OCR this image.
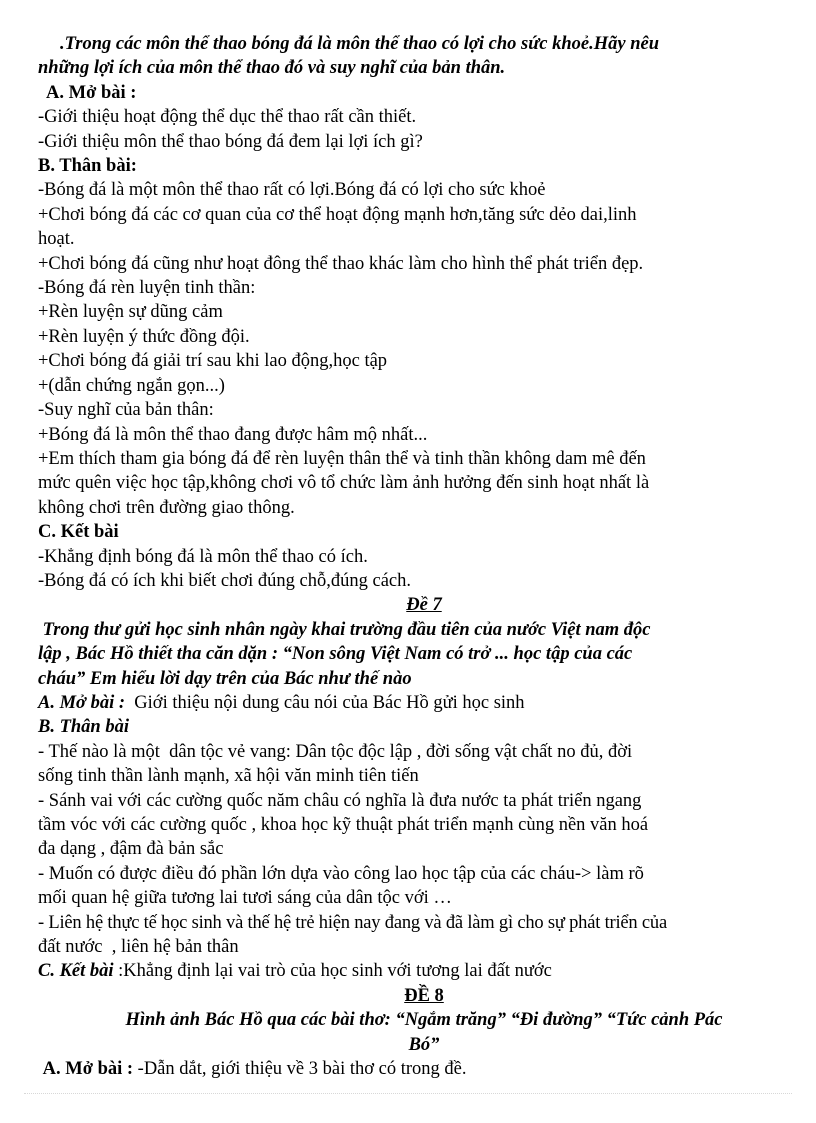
.Trong các môn thể thao bóng đá là môn thể thao có lợi cho sức khoẻ.Hãy nêu
những lợi ích của môn thể thao đó và suy nghĩ của bản thân.
A. Mở bài :
-Giới thiệu hoạt động thể dục thể thao rất cần thiết.
-Giới thiệu môn thể thao bóng đá đem lại lợi ích gì?
B. Thân bài:
-Bóng đá là một môn thể thao rất có lợi.Bóng đá có lợi cho sức khoẻ
+Chơi bóng đá các cơ quan của cơ thể hoạt động mạnh hơn,tăng sức dẻo dai,linh
hoạt.
+Chơi bóng đá cũng như hoạt đông thể thao khác làm cho hình thể phát triển đẹp.
-Bóng đá rèn luyện tinh thần:
+Rèn luyện sự dũng cảm
+Rèn luyện ý thức đồng đội.
+Chơi bóng đá giải trí sau khi lao động,học tập
+(dẫn chứng ngắn gọn...)
-Suy nghĩ của bản thân:
+Bóng đá là môn thể thao đang được hâm mộ nhất...
+Em thích tham gia bóng đá để rèn luyện thân thể và tinh thần không dam mê đến
mức quên việc học tập,không chơi vô tổ chức làm ảnh hưởng đến sinh hoạt nhất là
không chơi trên đường giao thông.
C. Kết bài
-Khẳng định bóng đá là môn thể thao có ích.
-Bóng đá có ích khi biết chơi đúng chỗ,đúng cách.
Đề 7
Trong thư gửi học sinh nhân ngày khai trường đầu tiên của nước Việt nam độc
lập , Bác Hồ thiết tha căn dặn : “Non sông Việt Nam có trở ... học tập của các
cháu” Em hiểu lời dạy trên của Bác như thế nào
A. Mở bài :  Giới thiệu nội dung câu nói của Bác Hồ gửi học sinh
B. Thân bài
- Thế nào là một  dân tộc vẻ vang: Dân tộc độc lập , đời sống vật chất no đủ, đời
sống tinh thần lành mạnh, xã hội văn minh tiên tiến
- Sánh vai với các cường quốc năm châu có nghĩa là đưa nước ta phát triển ngang
tầm vóc với các cường quốc , khoa học kỹ thuật phát triển mạnh cùng nền văn hoá
đa dạng , đậm đà bản sắc
- Muốn có được điều đó phần lớn dựa vào công lao học tập của các cháu-> làm rõ
mối quan hệ giữa tương lai tươi sáng của dân tộc với …
- Liên hệ thực tế học sinh và thế hệ trẻ hiện nay đang và đã làm gì cho sự phát triển của
đất nước  , liên hệ bản thân
C. Kết bài :Khẳng định lại vai trò của học sinh với tương lai đất nước
ĐỀ 8
Hình ảnh Bác Hồ qua các bài thơ: “Ngắm trăng” “Đi đường” “Tức cảnh Pác
Bó”
A. Mở bài : -Dẫn dắt, giới thiệu về 3 bài thơ có trong đề.
